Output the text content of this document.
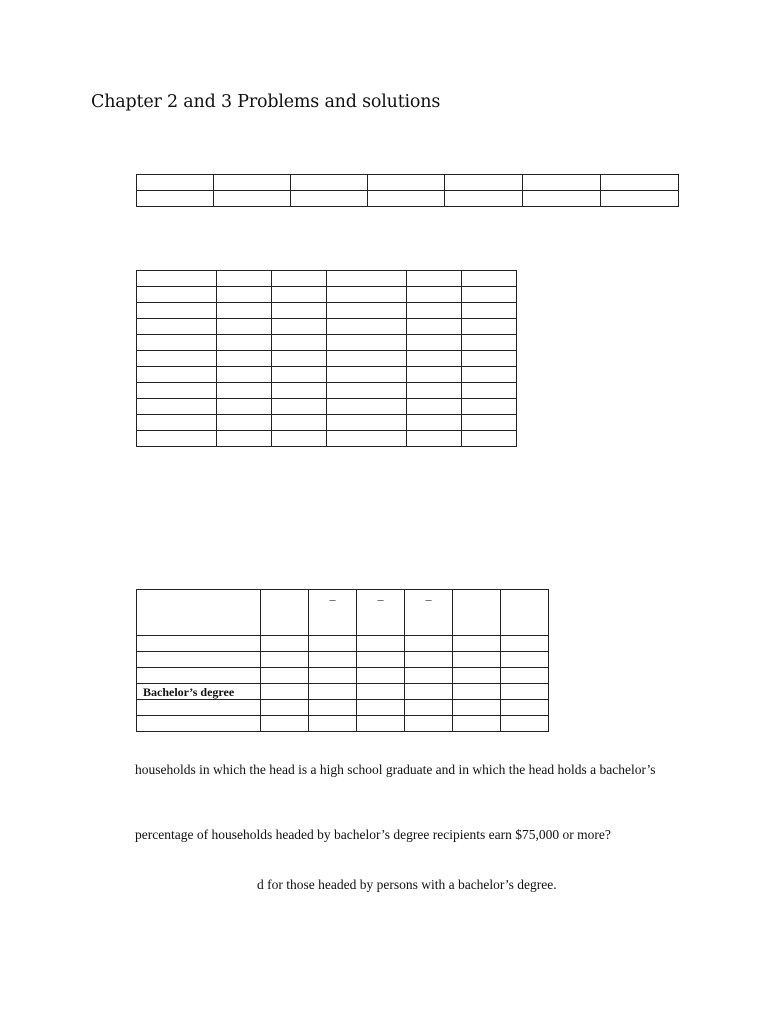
Chapter 2 and 3 Problems and solutions

		–	–	–		

Bachelor’s degree						

households in which the head is a high school graduate and in which the head holds a bachelor’s
percentage of households headed by bachelor’s degree recipients earn $75,000 or more?
d for those headed by persons with a bachelor’s degree.
